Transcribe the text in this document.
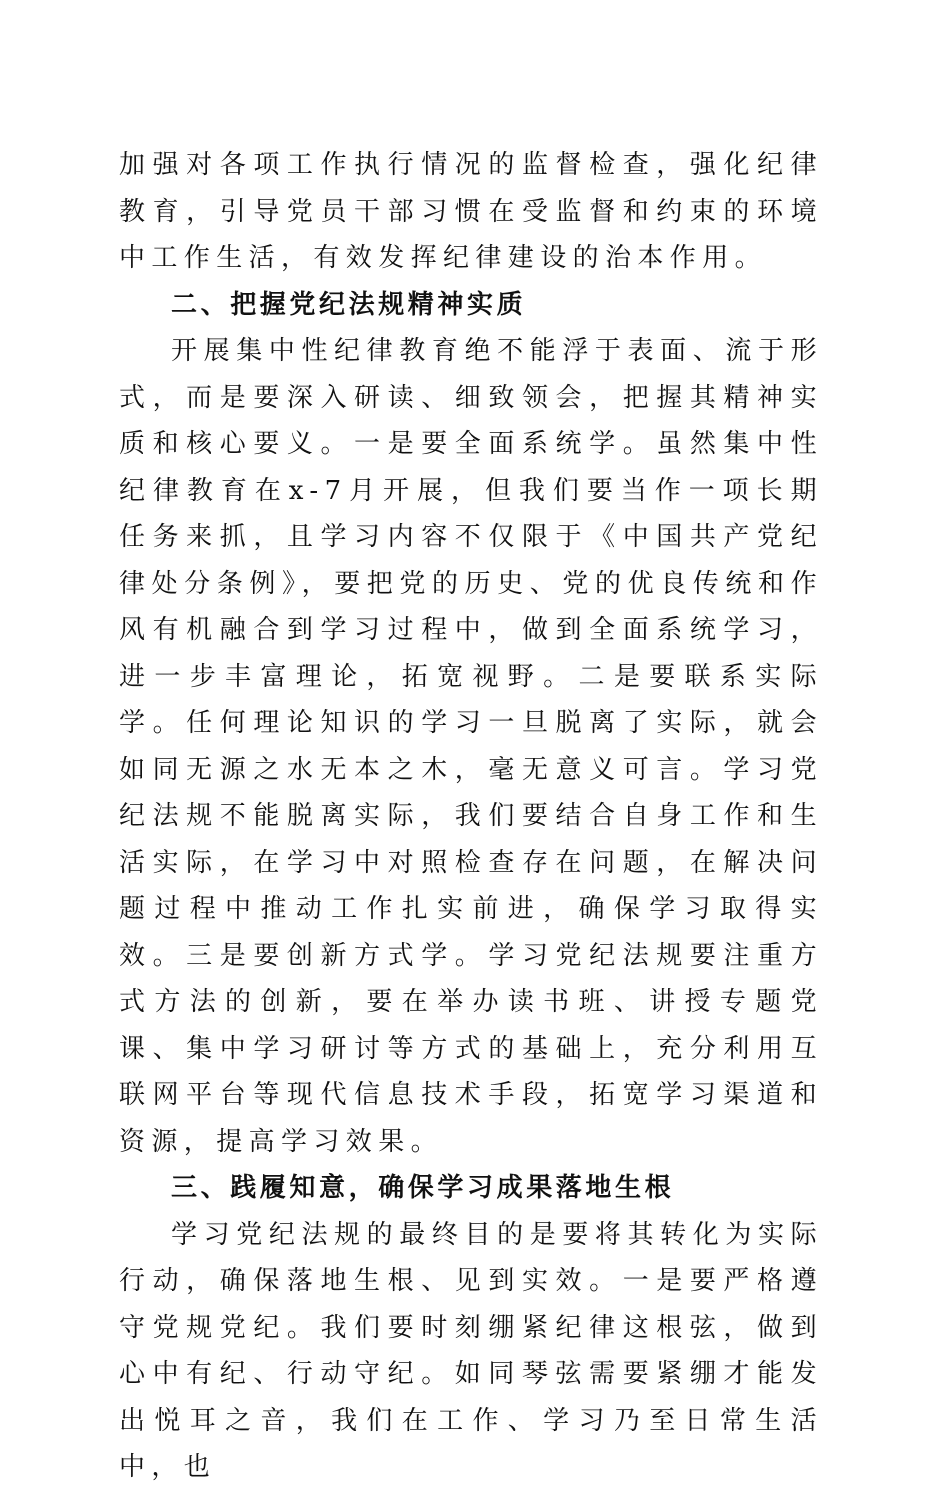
加强对各项工作执行情况的监督检查，强化纪律教育，引导党员干部习惯在受监督和约束的环境中工作生活，有效发挥纪律建设的治本作用。

二、把握党纪法规精神实质

开展集中性纪律教育绝不能浮于表面、流于形式，而是要深入研读、细致领会，把握其精神实质和核心要义。一是要全面系统学。虽然集中性纪律教育在x-7月开展，但我们要当作一项长期任务来抓，且学习内容不仅限于《中国共产党纪律处分条例》，要把党的历史、党的优良传统和作风有机融合到学习过程中，做到全面系统学习，进一步丰富理论，拓宽视野。二是要联系实际学。任何理论知识的学习一旦脱离了实际，就会如同无源之水无本之木，毫无意义可言。学习党纪法规不能脱离实际，我们要结合自身工作和生活实际，在学习中对照检查存在问题，在解决问题过程中推动工作扎实前进，确保学习取得实效。三是要创新方式学。学习党纪法规要注重方式方法的创新，要在举办读书班、讲授专题党课、集中学习研讨等方式的基础上，充分利用互联网平台等现代信息技术手段，拓宽学习渠道和资源，提高学习效果。

三、践履知意，确保学习成果落地生根

学习党纪法规的最终目的是要将其转化为实际行动，确保落地生根、见到实效。一是要严格遵守党规党纪。我们要时刻绷紧纪律这根弦，做到心中有纪、行动守纪。如同琴弦需要紧绷才能发出悦耳之音，我们在工作、学习乃至日常生活中，也
